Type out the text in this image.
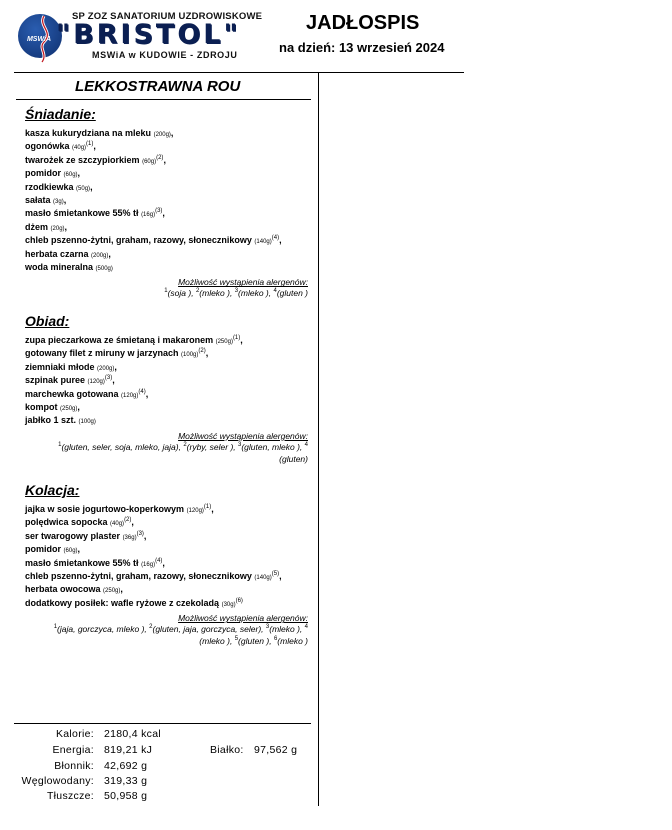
MSWiA
SP ZOZ SANATORIUM UZDROWISKOWE
"BRISTOL"
MSWiA w KUDOWIE - ZDROJU
JADŁOSPIS
na dzień: 13 wrzesień 2024
LEKKOSTRAWNA ROU
Śniadanie:
kasza kukurydziana na mleku (200g),
ogonówka $(40g)^{(1)}$,
twarożek ze szczypiorkiem $(60g)^{(2)}$,
pomidor (60g),
rzodkiewka (50g),
sałata (3g),
masło śmietankowe 55% tł $(16g)^{(3)}$,
dżem (20g),
chleb pszenno-żytni, graham, razowy, słonecznikowy $(140g)^{(4)}$,
herbata czarna (200g),
woda mineralna (500g)
Możliwość wystąpienia alergenów:
$^1$(soja ), $^2$(mleko ), $^3$(mleko ), $^4$(gluten )
Obiad:
zupa pieczarkowa ze śmietaną i makaronem $(250g)^{(1)}$,
gotowany filet z miruny w jarzynach $(100g)^{(2)}$,
ziemniaki młode (200g),
szpinak puree $(120g)^{(3)}$,
marchewka gotowana $(120g)^{(4)}$,
kompot (250g),
jabłko 1 szt. (100g)
Możliwość wystąpienia alergenów:
$^1$(gluten, seler, soja, mleko, jaja), $^2$(ryby, seler ), $^3$(gluten, mleko ), $^4$
(gluten)
Kolacja:
jajka w sosie jogurtowo-koperkowym $(120g)^{(1)}$,
polędwica sopocka $(40g)^{(2)}$,
ser twarogowy plaster $(36g)^{(3)}$,
pomidor (60g),
masło śmietankowe 55% tł $(16g)^{(4)}$,
chleb pszenno-żytni, graham, razowy, słonecznikowy $(140g)^{(5)}$,
herbata owocowa (250g),
dodatkowy posiłek: wafle ryżowe z czekoladą $(30g)^{(6)}$
Możliwość wystąpienia alergenów:
$^1$(jaja, gorczyca, mleko ), $^2$(gluten, jaja, gorczyca, seler), $^3$(mleko ), $^4$
(mleko ), $^5$(gluten ), $^6$(mleko )
Kalorie: 2180,4 kcal
Energia: 819,21 kJ	Białko: 97,562 g
Błonnik: 42,692 g
Węglowodany: 319,33 g
Tłuszcze: 50,958 g
